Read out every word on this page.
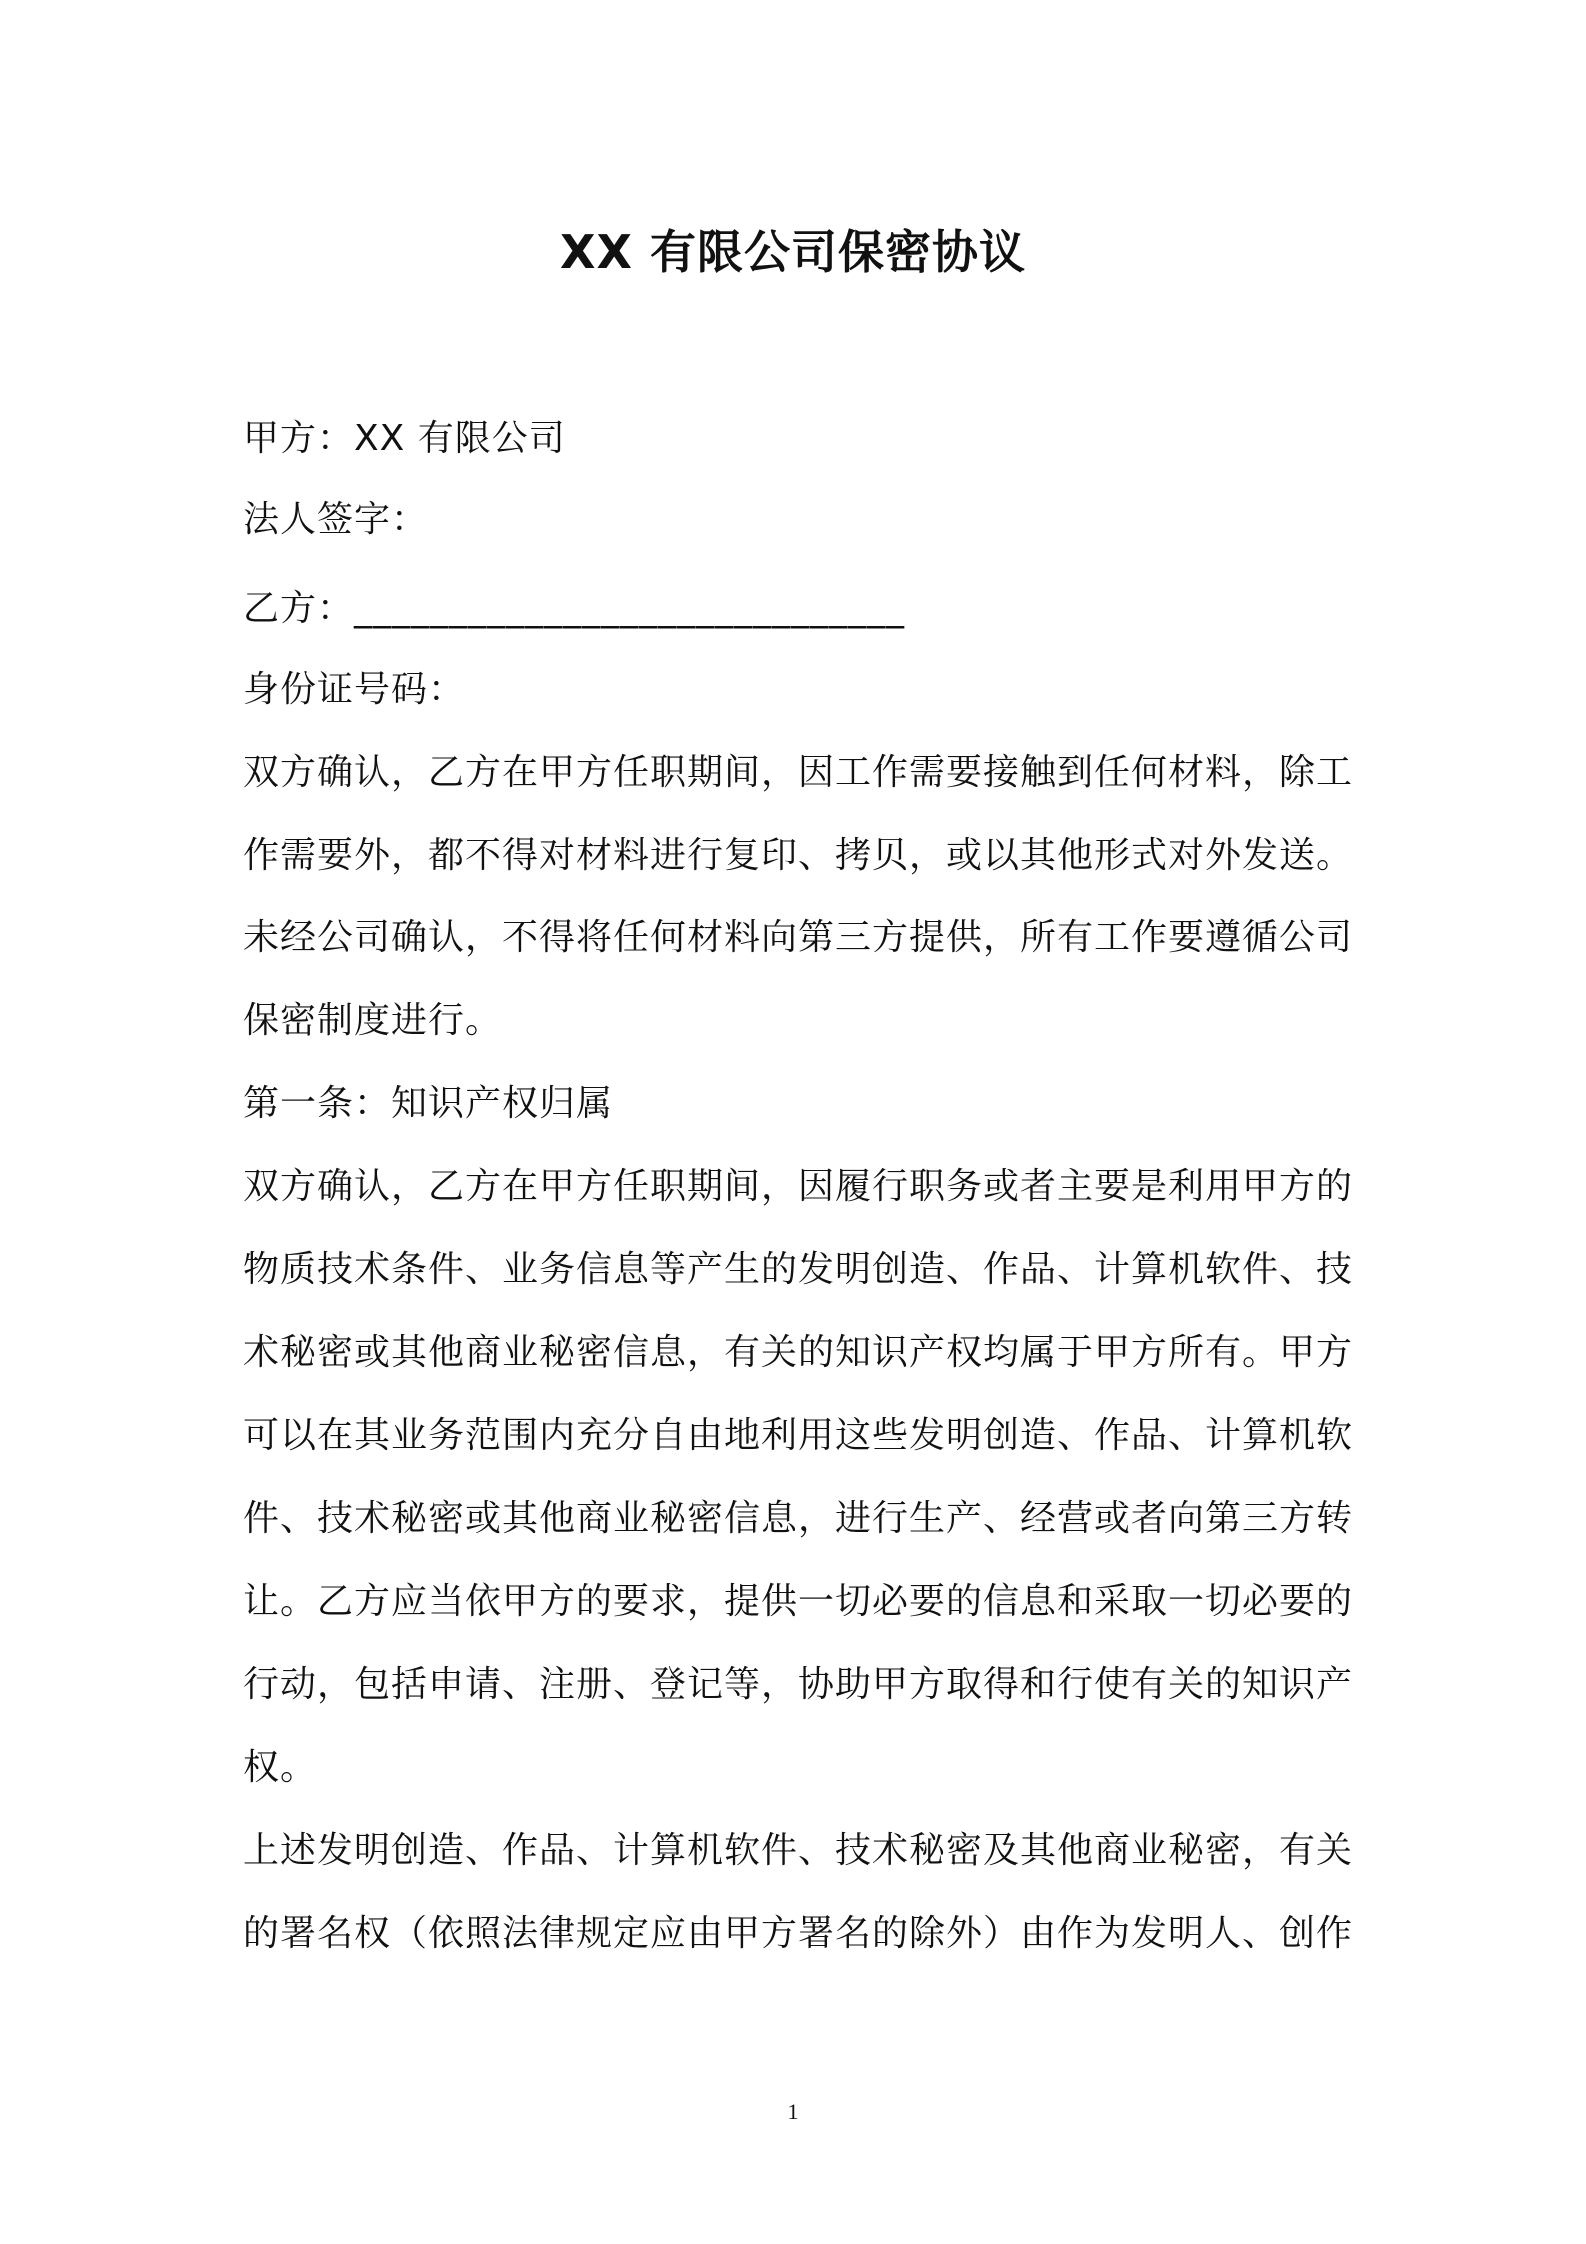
XX 有限公司保密协议
甲方：XX 有限公司
法人签字：
乙方：_____________________________
身份证号码：
双方确认，乙方在甲方任职期间，因工作需要接触到任何材料，除工
作需要外，都不得对材料进行复印、拷贝，或以其他形式对外发送。
未经公司确认，不得将任何材料向第三方提供，所有工作要遵循公司
保密制度进行。
第一条：知识产权归属
双方确认，乙方在甲方任职期间，因履行职务或者主要是利用甲方的
物质技术条件、业务信息等产生的发明创造、作品、计算机软件、技
术秘密或其他商业秘密信息，有关的知识产权均属于甲方所有。甲方
可以在其业务范围内充分自由地利用这些发明创造、作品、计算机软
件、技术秘密或其他商业秘密信息，进行生产、经营或者向第三方转
让。乙方应当依甲方的要求，提供一切必要的信息和采取一切必要的
行动，包括申请、注册、登记等，协助甲方取得和行使有关的知识产
权。
上述发明创造、作品、计算机软件、技术秘密及其他商业秘密，有关
的署名权（依照法律规定应由甲方署名的除外）由作为发明人、创作
1
